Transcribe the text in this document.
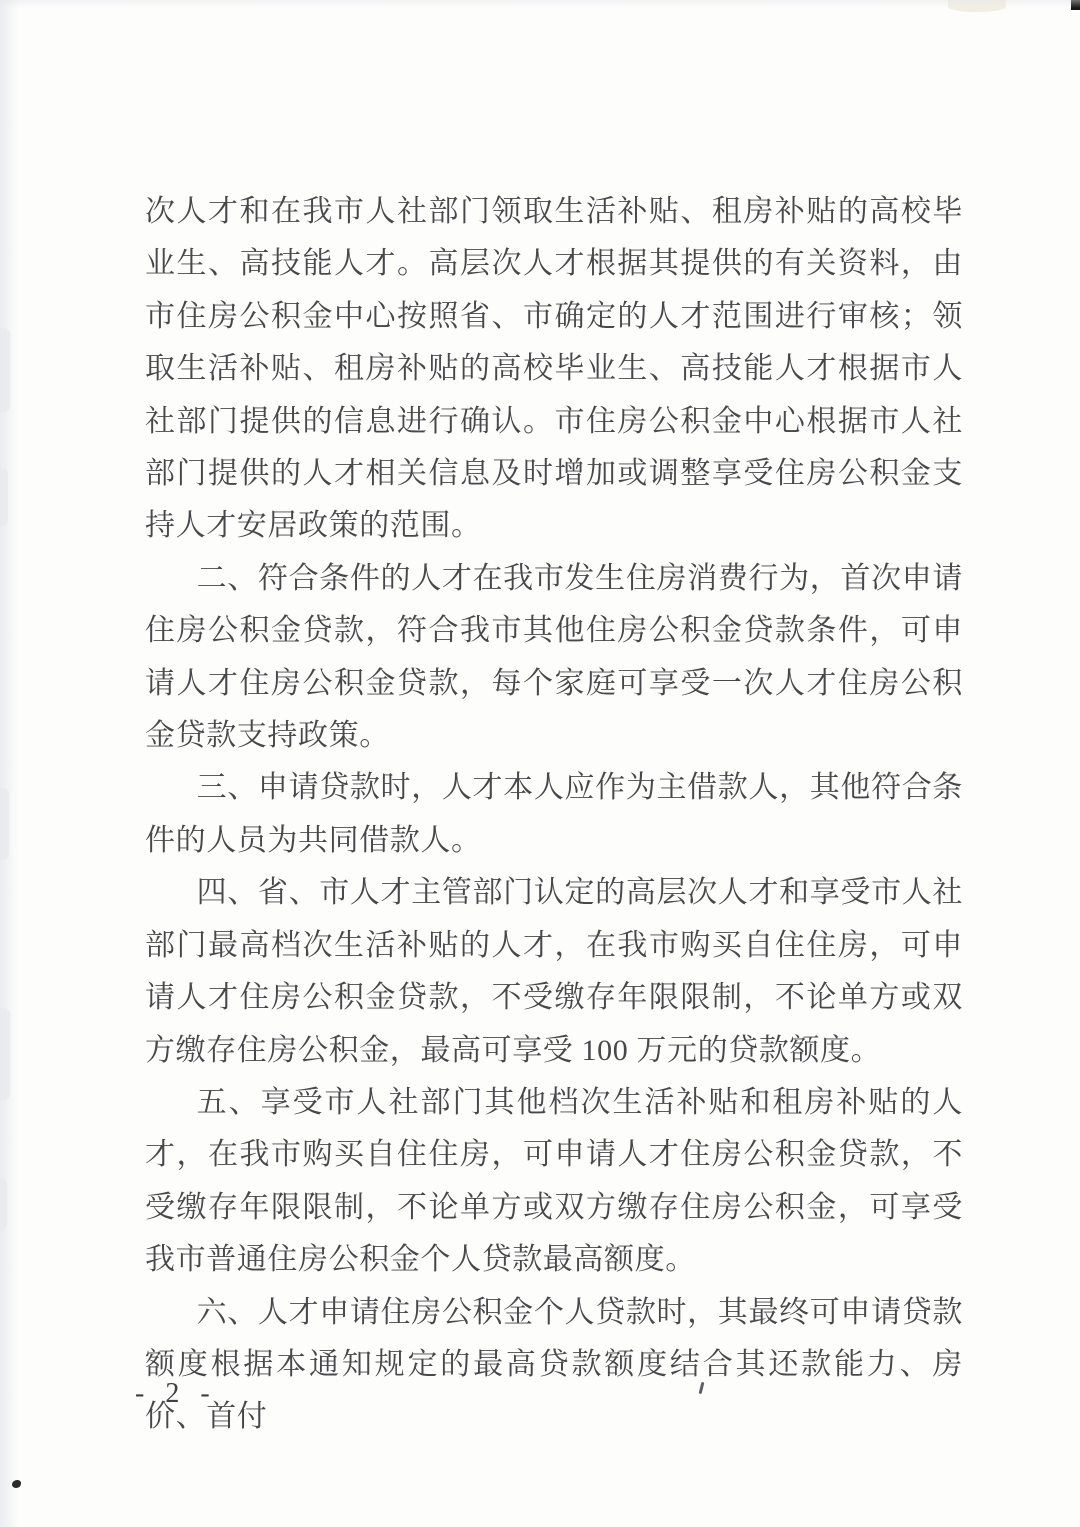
次人才和在我市人社部门领取生活补贴、租房补贴的高校毕业生、高技能人才。高层次人才根据其提供的有关资料，由市住房公积金中心按照省、市确定的人才范围进行审核；领取生活补贴、租房补贴的高校毕业生、高技能人才根据市人社部门提供的信息进行确认。市住房公积金中心根据市人社部门提供的人才相关信息及时增加或调整享受住房公积金支持人才安居政策的范围。

二、符合条件的人才在我市发生住房消费行为，首次申请住房公积金贷款，符合我市其他住房公积金贷款条件，可申请人才住房公积金贷款，每个家庭可享受一次人才住房公积金贷款支持政策。

三、申请贷款时，人才本人应作为主借款人，其他符合条件的人员为共同借款人。

四、省、市人才主管部门认定的高层次人才和享受市人社部门最高档次生活补贴的人才，在我市购买自住住房，可申请人才住房公积金贷款，不受缴存年限限制，不论单方或双方缴存住房公积金，最高可享受 100 万元的贷款额度。

五、享受市人社部门其他档次生活补贴和租房补贴的人才，在我市购买自住住房，可申请人才住房公积金贷款，不受缴存年限限制，不论单方或双方缴存住房公积金，可享受我市普通住房公积金个人贷款最高额度。

六、人才申请住房公积金个人贷款时，其最终可申请贷款额度根据本通知规定的最高贷款额度结合其还款能力、房价、首付

- 2 -
